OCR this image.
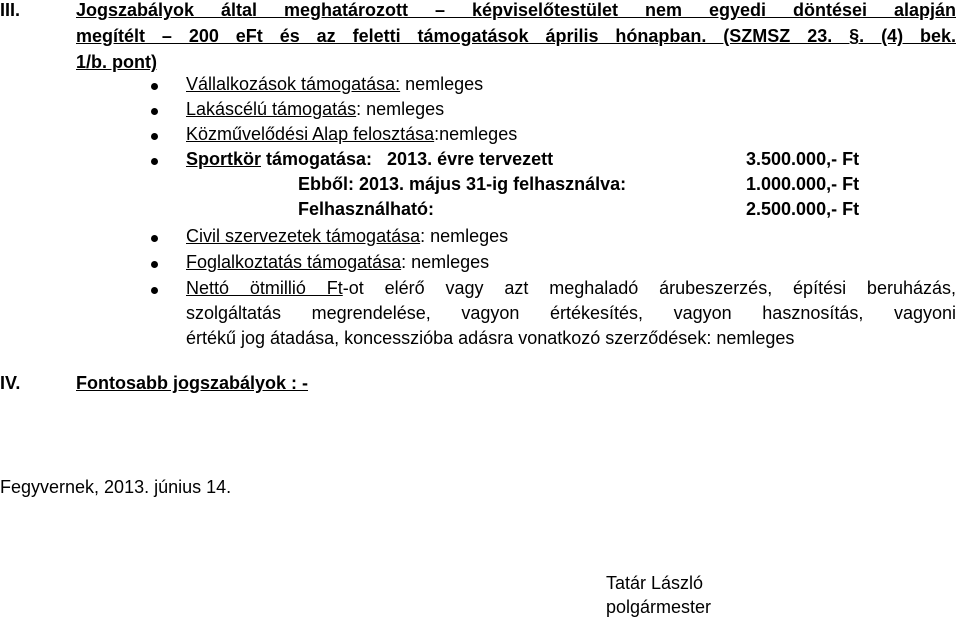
III.	Jogszabályok által meghatározott – képviselőtestület nem egyedi döntései alapján
megítélt – 200 eFt és az feletti támogatások április hónapban. (SZMSZ 23. §. (4) bek.
1/b. pont)
Vállalkozások támogatása: nemleges
Lakáscélú támogatás: nemleges
Közművelődési Alap felosztása:nemleges
Sportkör támogatása:   2013. évre tervezett	3.500.000,- Ft
Ebből: 2013. május 31-ig felhasználva:	1.000.000,- Ft
Felhasználható:	2.500.000,- Ft
Civil szervezetek támogatása: nemleges
Foglalkoztatás támogatása: nemleges
Nettó ötmillió Ft-ot elérő vagy azt meghaladó árubeszerzés, építési beruházás,
szolgáltatás megrendelése, vagyon értékesítés, vagyon hasznosítás, vagyoni
értékű jog átadása, koncesszióba adásra vonatkozó szerződések: nemleges
IV.	Fontosabb jogszabályok : -
Fegyvernek, 2013. június 14.
Tatár László
polgármester
